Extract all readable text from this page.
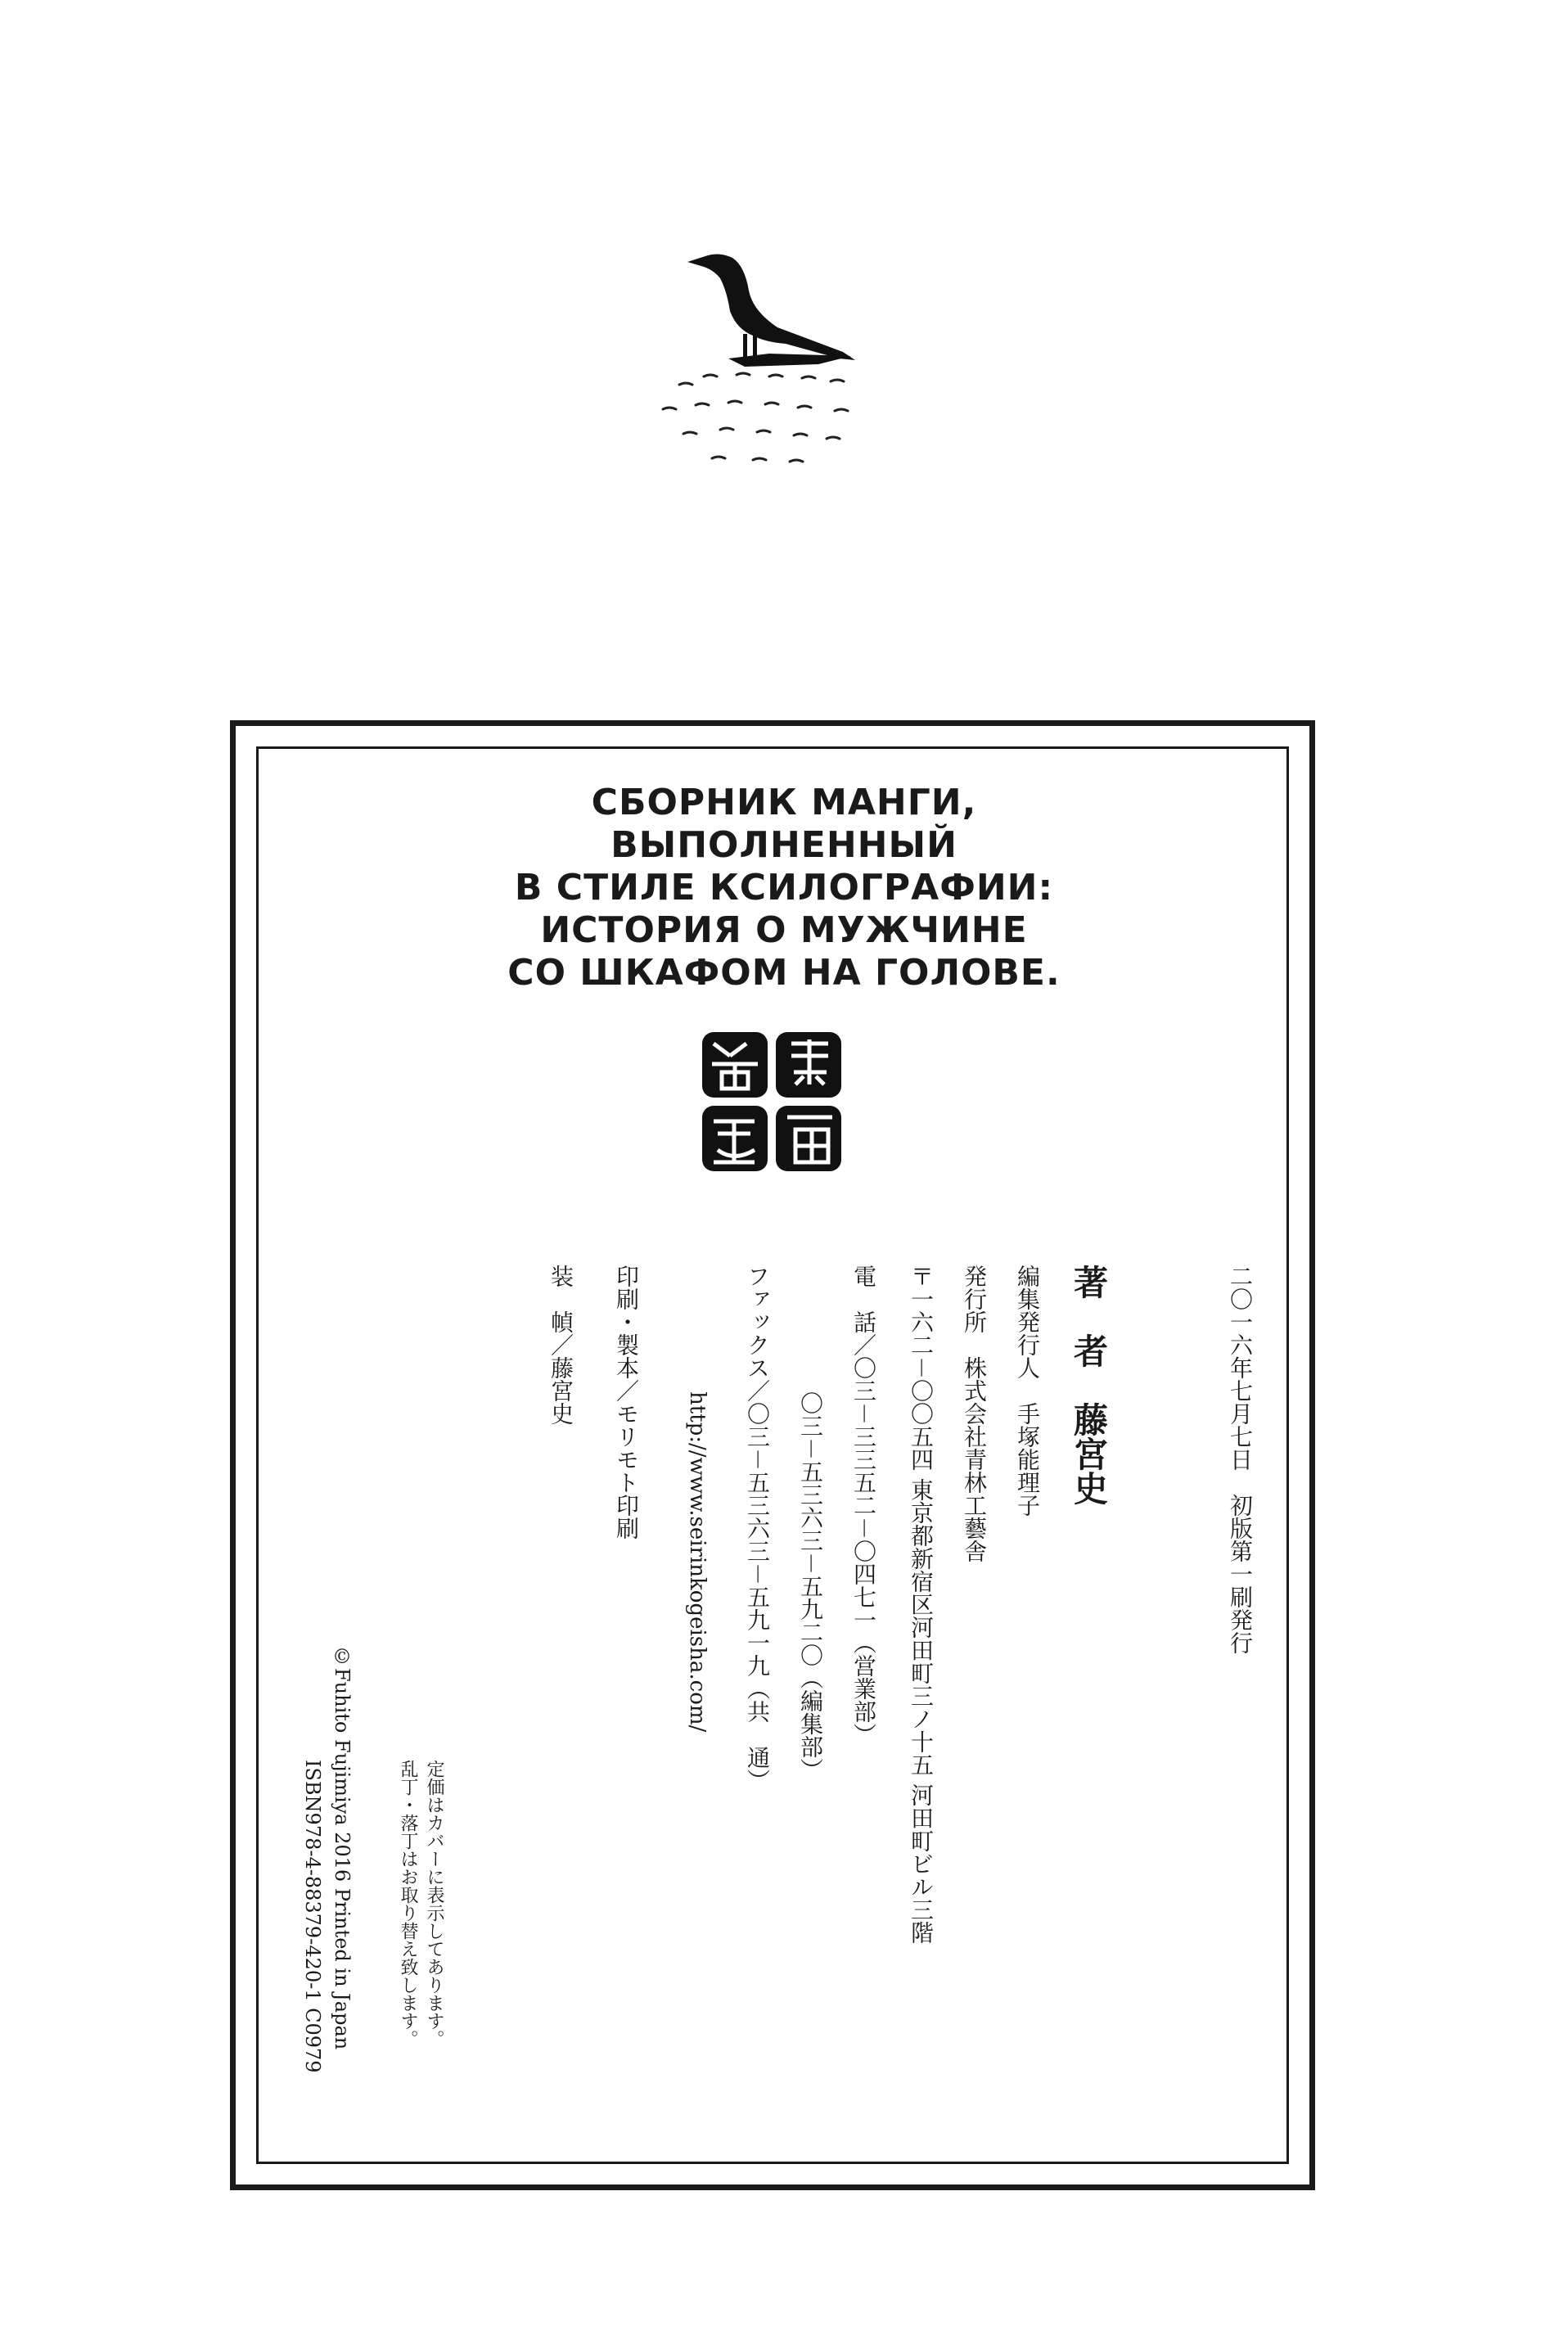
СБОРНИК МАНГИ,
ВЫПОЛНЕННЫЙ
В СТИЛЕ КСИЛОГРАФИИ:
ИСТОРИЯ О МУЖЧИНЕ
СО ШКАФОМ НА ГОЛОВЕ.
二〇一六年七月七日　初版第一刷発行
著　者　藤宮史
編集発行人　手塚能理子
発行所　株式会社青林工藝舎
〒一六二－〇〇五四 東京都新宿区河田町三ノ十五 河田町ビル三階
電　話／〇三－三三五二－〇四七一（営業部）
〇三－五三六三－五九二〇（編集部）
ファックス／〇三－五三六三－五九一九（共　通）
http://www.seirinkogeisha.com/
印刷・製本／モリモト印刷
装　幀／藤宮史
定価はカバーに表示してあります。
乱丁・落丁はお取り替え致します。
©Fuhito Fujimiya 2016 Printed in Japan
ISBN978-4-88379-420-1 C0979
